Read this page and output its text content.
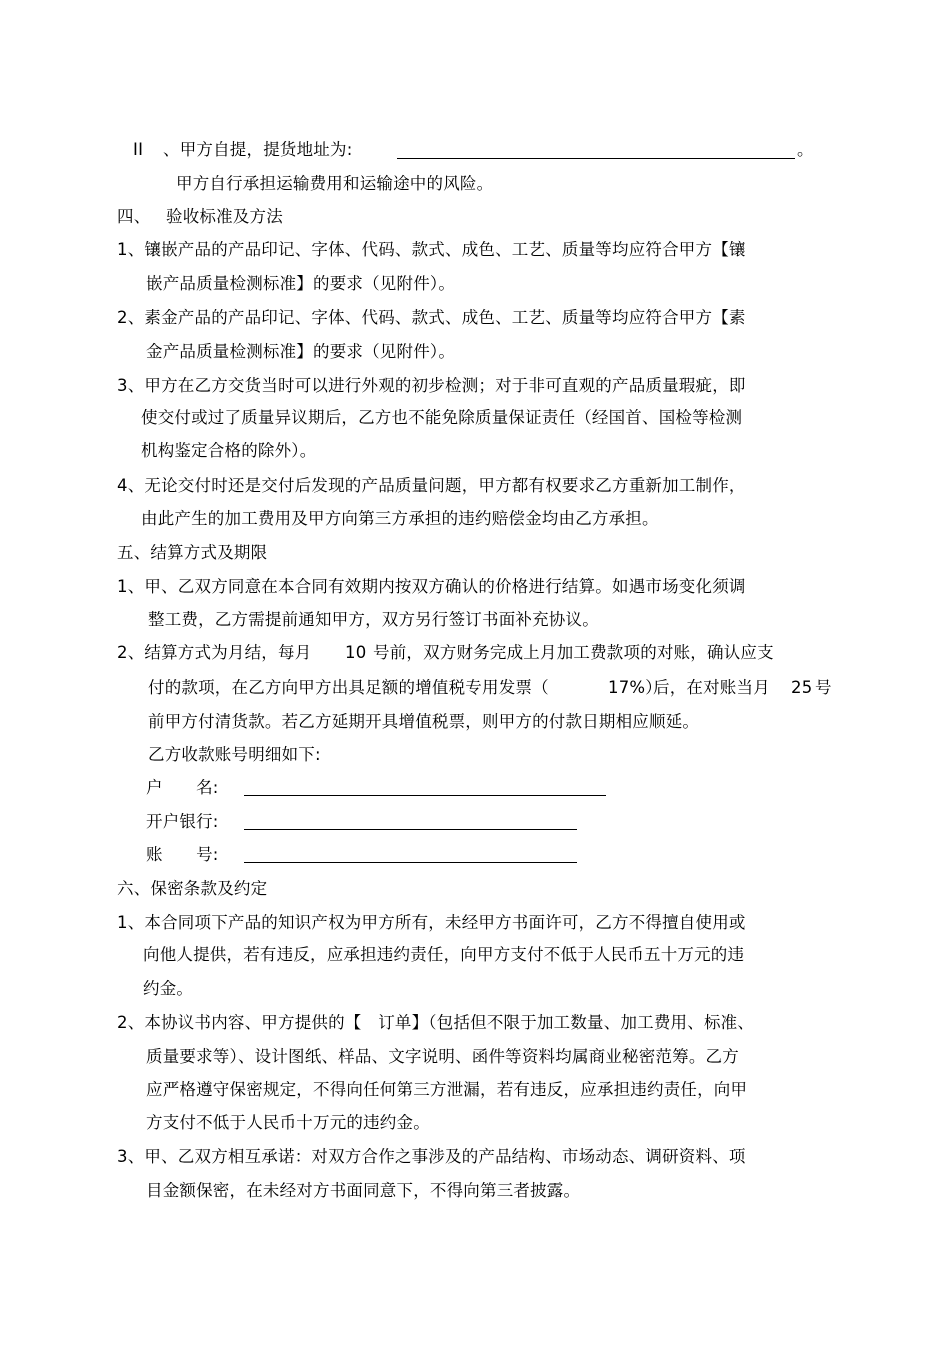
II 、甲方自提，提货地址为:	。
甲方自行承担运输费用和运输途中的风险。
四、 验收标准及方法
1、镶嵌产品的产品印记、字体、代码、款式、成色、工艺、质量等均应符合甲方【镶
嵌产品质量检测标准】的要求（见附件）。
2、素金产品的产品印记、字体、代码、款式、成色、工艺、质量等均应符合甲方【素
金产品质量检测标准】的要求（见附件）。
3、甲方在乙方交货当时可以进行外观的初步检测；对于非可直观的产品质量瑕疵，即
使交付或过了质量异议期后，乙方也不能免除质量保证责任（经国首、国检等检测
机构鉴定合格的除外）。
4、无论交付时还是交付后发现的产品质量问题，甲方都有权要求乙方重新加工制作，
由此产生的加工费用及甲方向第三方承担的违约赔偿金均由乙方承担。
五、结算方式及期限
1、甲、乙双方同意在本合同有效期内按双方确认的价格进行结算。如遇市场变化须调
整工费，乙方需提前通知甲方，双方另行签订书面补充协议。
2、结算方式为月结，每月 10 号前，双方财务完成上月加工费款项的对账，确认应支
付的款项，在乙方向甲方出具足额的增值税专用发票（	17%）
后，在对账当月 25 号
前甲方付清货款。若乙方延期开具增值税票，则甲方的付款日期相应顺延。
乙方收款账号明细如下:
户　　名:
开户银行:
账　　号:
六、保密条款及约定
1、本合同项下产品的知识产权为甲方所有，未经甲方书面许可，乙方不得擅自使用或
向他人提供，若有违反，应承担违约责任，向甲方支付不低于人民币五十万元的违
约金。
2、本协议书内容、甲方提供的【　订单】（包括但不限于加工数量、加工费用、标准、
质量要求等）、设计图纸、样品、文字说明、函件等资料均属商业秘密范筹。乙方
应严格遵守保密规定，不得向任何第三方泄漏，若有违反，应承担违约责任，向甲
方支付不低于人民币十万元的违约金。
3、甲、乙双方相互承诺：对双方合作之事涉及的产品结构、市场动态、调研资料、项
目金额保密，在未经对方书面同意下，不得向第三者披露。
